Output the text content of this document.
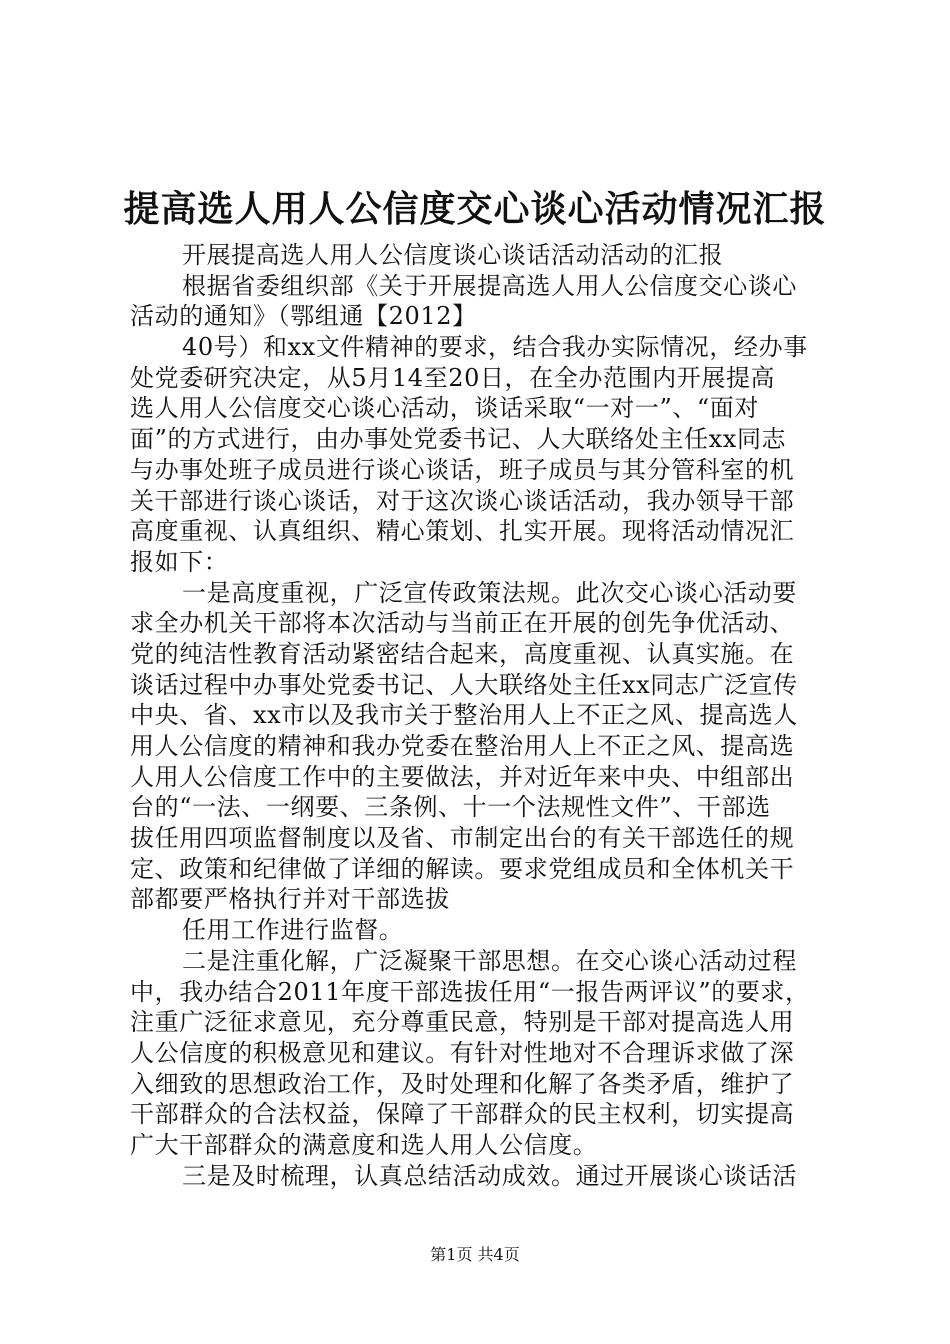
提高选人用人公信度交心谈心活动情况汇报
开展提高选人用人公信度谈心谈话活动活动的汇报
根据省委组织部《关于开展提高选人用人公信度交心谈心
活动的通知》（鄂组通【2012】
40号）和xx文件精神的要求，结合我办实际情况，经办事
处党委研究决定，从5月14至20日，在全办范围内开展提高
选人用人公信度交心谈心活动，谈话采取“一对一”、“面对
面”的方式进行，由办事处党委书记、人大联络处主任xx同志
与办事处班子成员进行谈心谈话，班子成员与其分管科室的机
关干部进行谈心谈话，对于这次谈心谈话活动，我办领导干部
高度重视、认真组织、精心策划、扎实开展。现将活动情况汇
报如下：
一是高度重视，广泛宣传政策法规。此次交心谈心活动要
求全办机关干部将本次活动与当前正在开展的创先争优活动、
党的纯洁性教育活动紧密结合起来，高度重视、认真实施。在
谈话过程中办事处党委书记、人大联络处主任xx同志广泛宣传
中央、省、xx市以及我市关于整治用人上不正之风、提高选人
用人公信度的精神和我办党委在整治用人上不正之风、提高选
人用人公信度工作中的主要做法，并对近年来中央、中组部出
台的“一法、一纲要、三条例、十一个法规性文件”、干部选
拔任用四项监督制度以及省、市制定出台的有关干部选任的规
定、政策和纪律做了详细的解读。要求党组成员和全体机关干
部都要严格执行并对干部选拔
任用工作进行监督。
二是注重化解，广泛凝聚干部思想。在交心谈心活动过程
中，我办结合2011年度干部选拔任用“一报告两评议”的要求，
注重广泛征求意见，充分尊重民意，特别是干部对提高选人用
人公信度的积极意见和建议。有针对性地对不合理诉求做了深
入细致的思想政治工作，及时处理和化解了各类矛盾，维护了
干部群众的合法权益，保障了干部群众的民主权利，切实提高
广大干部群众的满意度和选人用人公信度。
三是及时梳理，认真总结活动成效。通过开展谈心谈话活
第1页 共4页
